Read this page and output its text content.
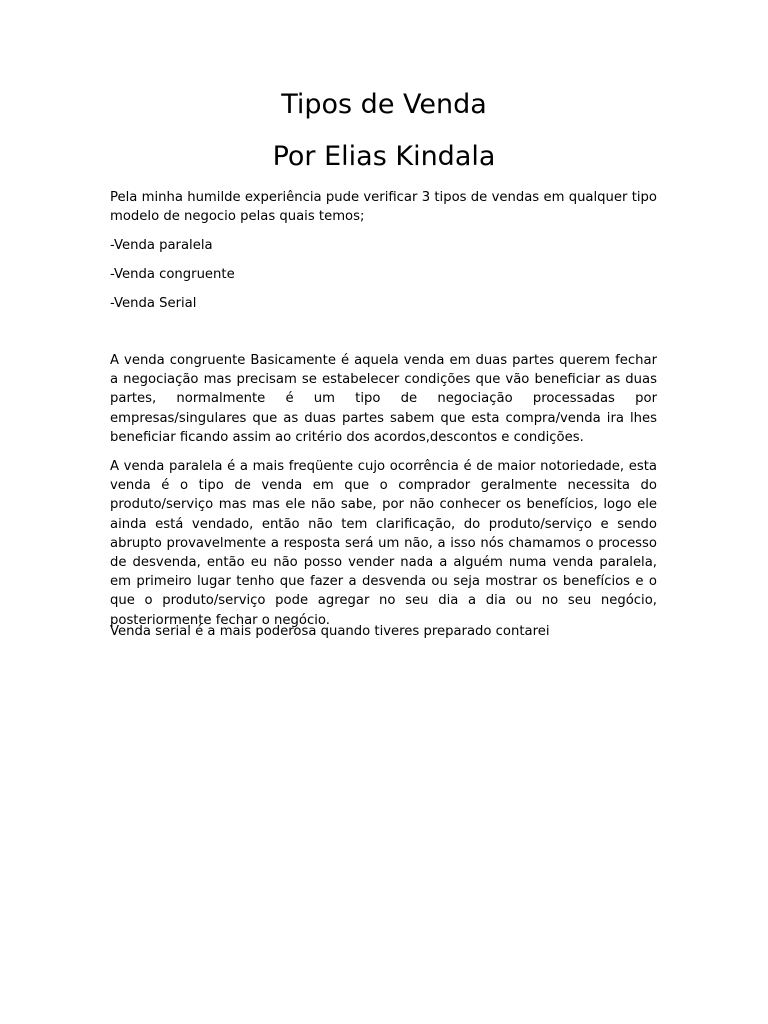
Tipos de Venda
Por Elias Kindala

Pela minha humilde experiência pude verificar 3 tipos de vendas em qualquer tipo modelo de negocio pelas quais temos;

-Venda paralela

-Venda congruente

-Venda Serial

A venda congruente Basicamente é aquela venda em duas partes querem fechar a negociação mas precisam se estabelecer condições que vão beneficiar as duas partes, normalmente é um tipo de negociação processadas por empresas/singulares que as duas partes sabem que esta compra/venda ira lhes beneficiar ficando assim ao critério dos acordos,descontos e condições.

A venda paralela é a mais freqüente cujo ocorrência é de maior notoriedade, esta venda é o tipo de venda em que o comprador geralmente necessita do produto/serviço mas mas ele não sabe, por não conhecer os benefícios, logo ele ainda está vendado, então não tem clarificação, do produto/serviço e sendo abrupto provavelmente a resposta será um não, a isso nós chamamos o processo de desvenda, então eu não posso vender nada a alguém numa venda paralela, em primeiro lugar tenho que fazer a desvenda ou seja mostrar os benefícios e o que o produto/serviço pode agregar no seu dia a dia ou no seu negócio, posteriormente fechar o negócio.

Venda serial é a mais poderosa quando tiveres preparado contarei
